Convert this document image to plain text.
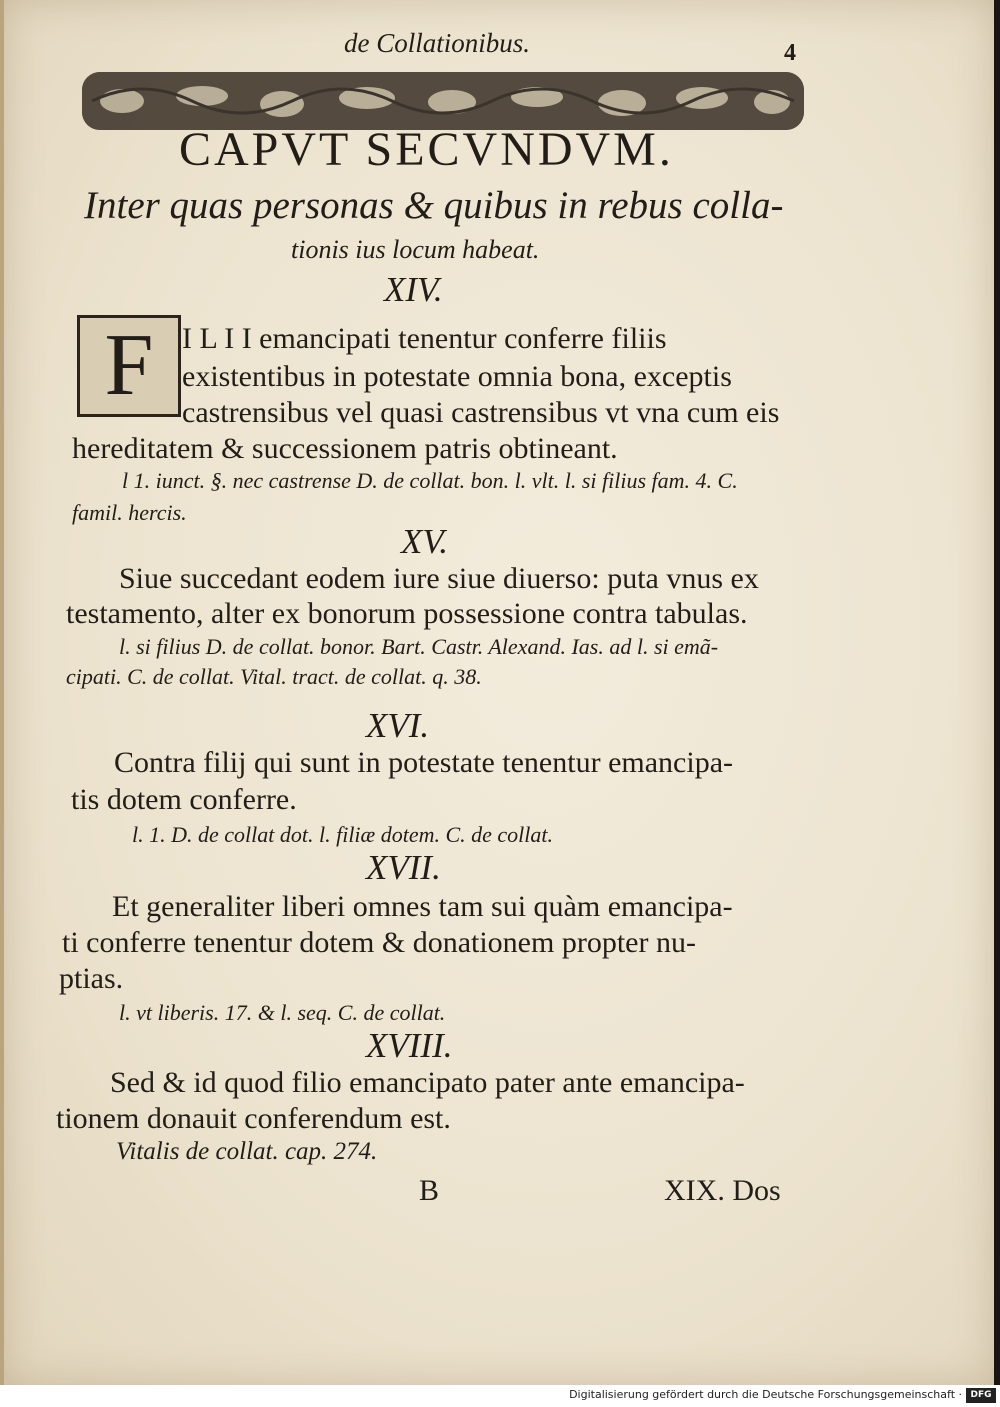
de Collationibus.	4
CAPVT SECVNDVM.
Inter quas personas & quibus in rebus colla-
tionis ius locum habeat.
XIV.
F I L I I emancipati tenentur conferre filiis
existentibus in potestate omnia bona, exceptis
castrensibus vel quasi castrensibus vt vna cum eis
hereditatem & successionem patris obtineant.
l 1. iunct. §. nec castrense D. de collat. bon. l. vlt. l. si filius fam. 4. C.
famil. hercis.
XV.
Siue succedant eodem iure siue diuerso: puta vnus ex
testamento, alter ex bonorum possessione contra tabulas.
l. si filius D. de collat. bonor. Bart. Castr. Alexand. Ias. ad l. si emã-
cipati. C. de collat. Vital. tract. de collat. q. 38.
XVI.
Contra filij qui sunt in potestate tenentur emancipa-
tis dotem conferre.
l. 1. D. de collat dot. l. filiæ dotem. C. de collat.
XVII.
Et generaliter liberi omnes tam sui quàm emancipa-
ti conferre tenentur dotem & donationem propter nu-
ptias.
l. vt liberis. 17. & l. seq. C. de collat.
XVIII.
Sed & id quod filio emancipato pater ante emancipa-
tionem donauit conferendum est.
Vitalis de collat. cap. 274.
B	XIX. Dos
Digitalisierung gefördert durch die Deutsche Forschungsgemeinschaft · DFG
